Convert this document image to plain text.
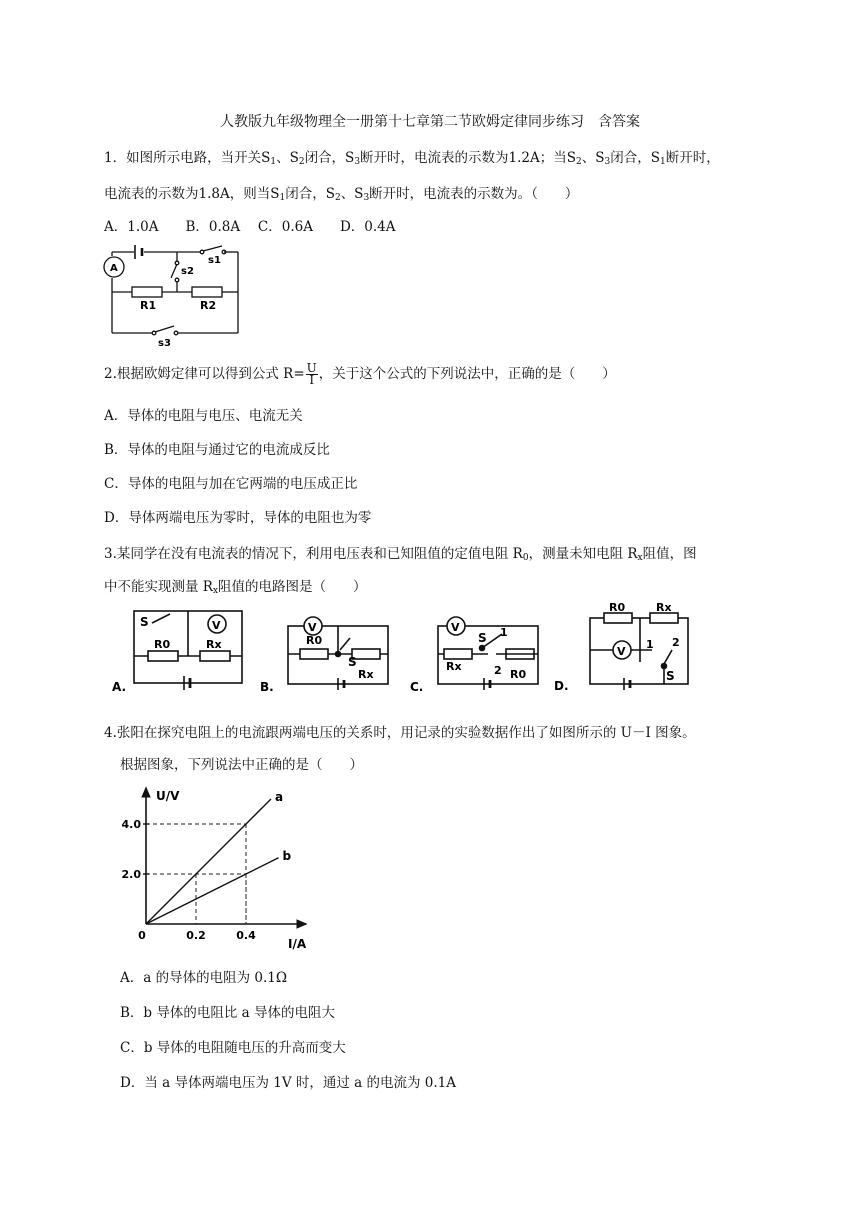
人教版九年级物理全一册第十七章第二节欧姆定律同步练习　含答案
1．如图所示电路，当开关$S_1$、$S_2$闭合，$S_3$断开时，电流表的示数为1.2A；当$S_2$、$S_3$闭合，$S_1$断开时，
电流表的示数为1.8A，则当$S_1$闭合，$S_2$、$S_3$断开时，电流表的示数为。（　　）
A．1.0A　　B．0.8A　 C．0.6A　　D．0.4A
A
s1
s2
R1	R2
s3
2.根据欧姆定律可以得到公式 $R= \frac{U}{I}$ ，关于这个公式的下列说法中，正确的是（　　）
A．导体的电阻与电压、电流无关
B．导体的电阻与通过它的电流成反比
C．导体的电阻与加在它两端的电压成正比
D．导体两端电压为零时，导体的电阻也为零
3.某同学在没有电流表的情况下，利用电压表和已知阻值的定值电阻 $R_0$，测量未知电阻 $R_x$阻值，图
中不能实现测量 $R_x$阻值的电路图是（　　）
S	V
R0	Rx
A.
V
R0
S
Rx
B.
V
S 1
Rx	2 R0
C.
R0	Rx
V
1 2
S
D.
4.张阳在探究电阻上的电流跟两端电压的关系时，用记录的实验数据作出了如图所示的 U－I 图象。
根据图象，下列说法中正确的是（　　）
2.0
4.0
0.2	0.4
0
U/V
I/A
a
b
A．a 的导体的电阻为 0.1Ω
B．b 导体的电阻比 a 导体的电阻大
C．b 导体的电阻随电压的升高而变大
D．当 a 导体两端电压为 1V 时，通过 a 的电流为 0.1A
